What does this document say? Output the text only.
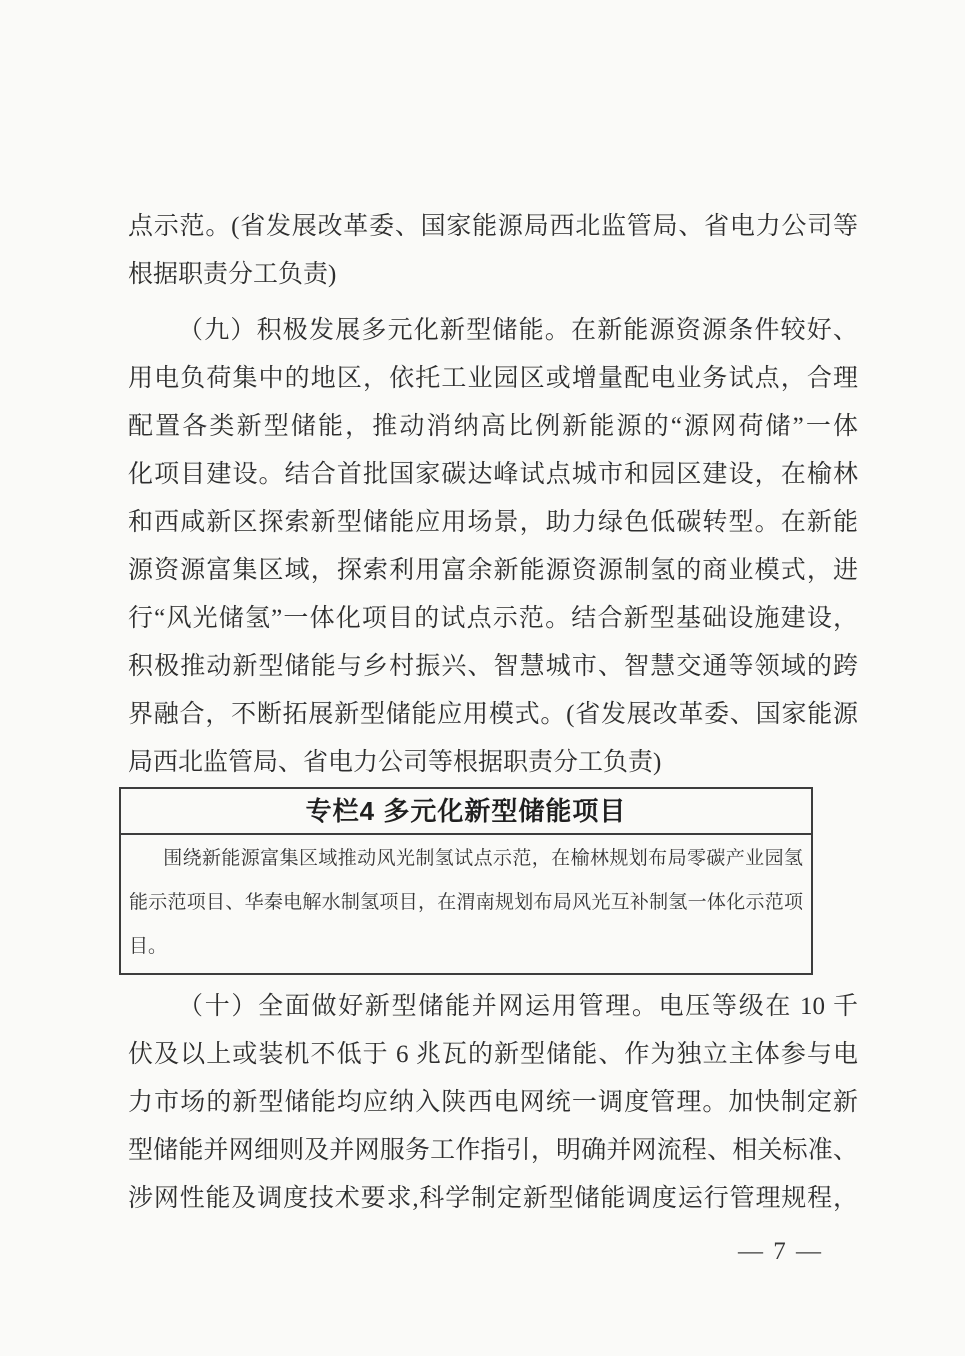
点示范。(省发展改革委、国家能源局西北监管局、省电力公司等
根据职责分工负责)
（九）积极发展多元化新型储能。在新能源资源条件较好、
用电负荷集中的地区，依托工业园区或增量配电业务试点，合理
配置各类新型储能，推动消纳高比例新能源的“源网荷储”一体
化项目建设。结合首批国家碳达峰试点城市和园区建设，在榆林
和西咸新区探索新型储能应用场景，助力绿色低碳转型。在新能
源资源富集区域，探索利用富余新能源资源制氢的商业模式，进
行“风光储氢”一体化项目的试点示范。结合新型基础设施建设，
积极推动新型储能与乡村振兴、智慧城市、智慧交通等领域的跨
界融合，不断拓展新型储能应用模式。(省发展改革委、国家能源
局西北监管局、省电力公司等根据职责分工负责)
专栏4 多元化新型储能项目
围绕新能源富集区域推动风光制氢试点示范，在榆林规划布局零碳产业园氢
能示范项目、华秦电解水制氢项目，在渭南规划布局风光互补制氢一体化示范项
目。
（十）全面做好新型储能并网运用管理。电压等级在 10 千
伏及以上或装机不低于 6 兆瓦的新型储能、作为独立主体参与电
力市场的新型储能均应纳入陕西电网统一调度管理。加快制定新
型储能并网细则及并网服务工作指引，明确并网流程、相关标准、
涉网性能及调度技术要求,科学制定新型储能调度运行管理规程，
— 7 —
